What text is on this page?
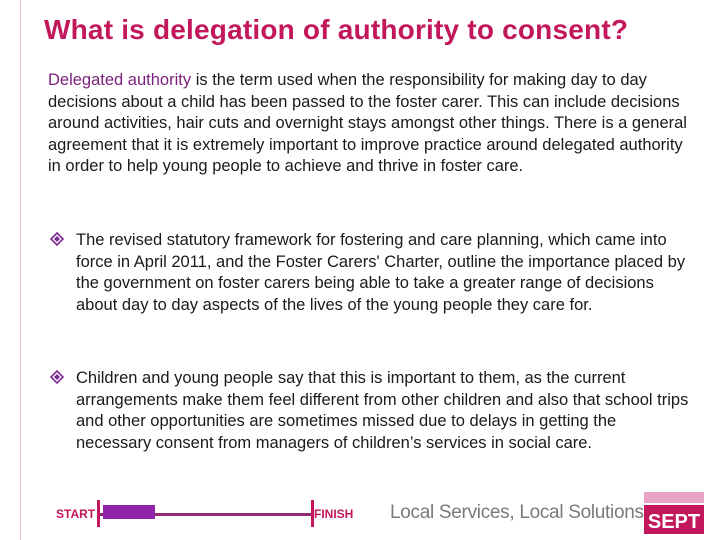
What is delegation of authority to consent?

Delegated authority is the term used when the responsibility for making day to day decisions about a child has been passed to the foster carer. This can include decisions around activities, hair cuts and overnight stays amongst other things. There is a general agreement that it is extremely important to improve practice around delegated authority in order to help young people to achieve and thrive in foster care.

The revised statutory framework for fostering and care planning, which came into force in April 2011, and the Foster Carers' Charter, outline the importance placed by the government on foster carers being able to take a greater range of decisions about day to day aspects of the lives of the young people they care for.
Children and young people say that this is important to them, as the current arrangements make them feel different from other children and also that school trips and other opportunities are sometimes missed due to delays in getting the necessary consent from managers of children’s services in social care.
START	FINISH Local Services, Local Solutions SEPT
